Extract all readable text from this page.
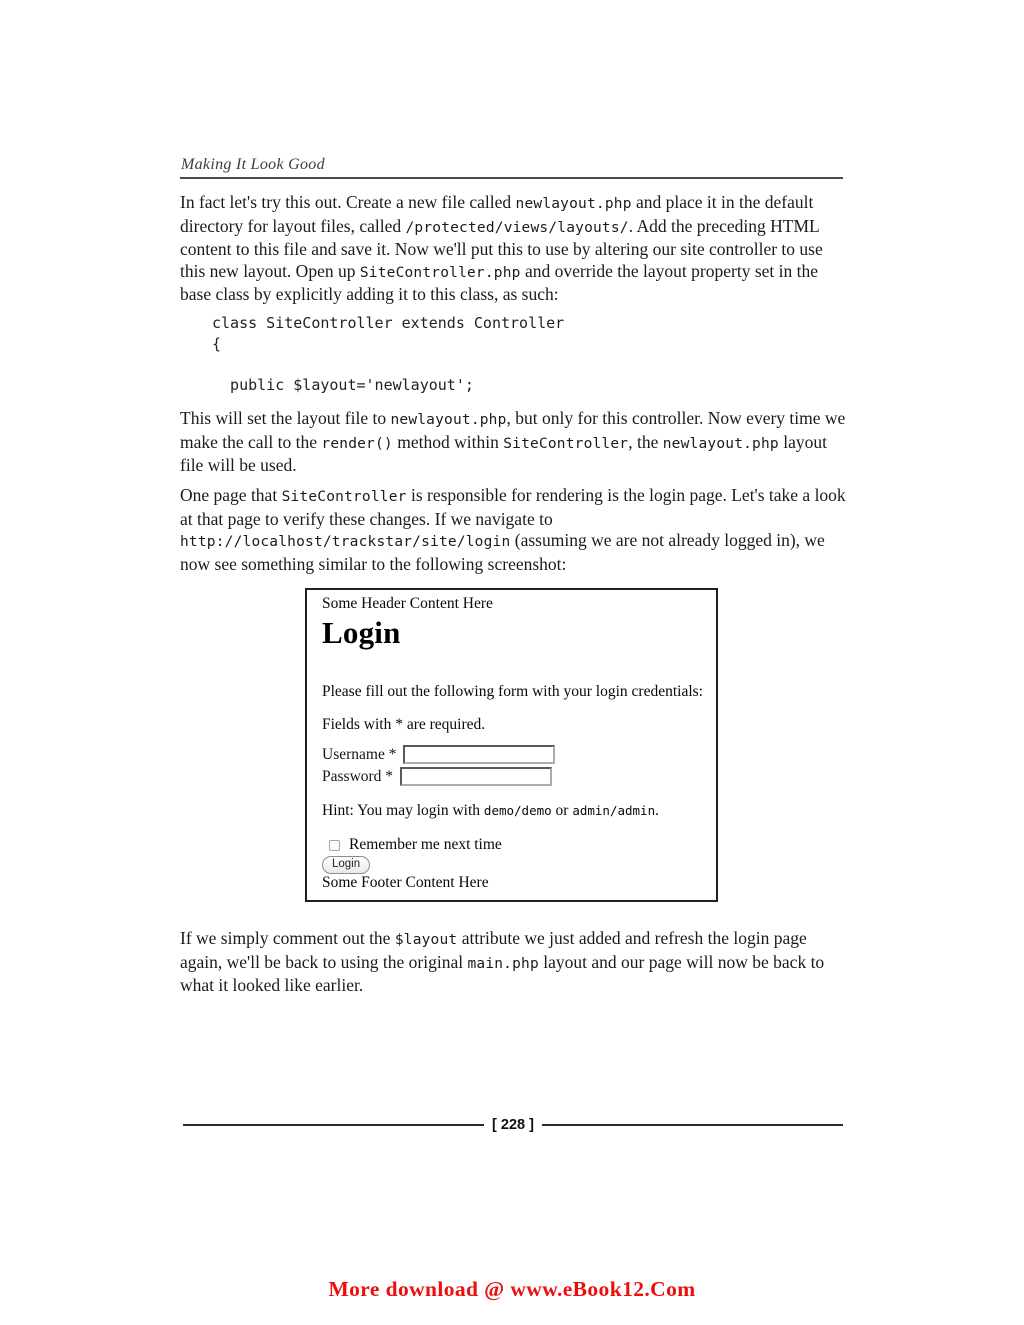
Making It Look Good
In fact let's try this out. Create a new file called newlayout.php and place it in the default directory for layout files, called /protected/views/layouts/. Add the preceding HTML content to this file and save it. Now we'll put this to use by altering our site controller to use this new layout. Open up SiteController.php and override the layout property set in the base class by explicitly adding it to this class, as such:
class SiteController extends Controller
{
public $layout='newlayout';
This will set the layout file to newlayout.php, but only for this controller. Now every time we make the call to the render() method within SiteController, the newlayout.php layout file will be used.
One page that SiteController is responsible for rendering is the login page. Let's take a look at that page to verify these changes. If we navigate to http://localhost/trackstar/site/login (assuming we are not already logged in), we now see something similar to the following screenshot:
Some Header Content Here
Login
Please fill out the following form with your login credentials:
Fields with * are required.
Username *
Password *
Hint: You may login with demo/demo or admin/admin.
Remember me next time
Login
Some Footer Content Here
If we simply comment out the $layout attribute we just added and refresh the login page again, we'll be back to using the original main.php layout and our page will now be back to what it looked like earlier.
[ 228 ]
More download @ www.eBook12.Com
